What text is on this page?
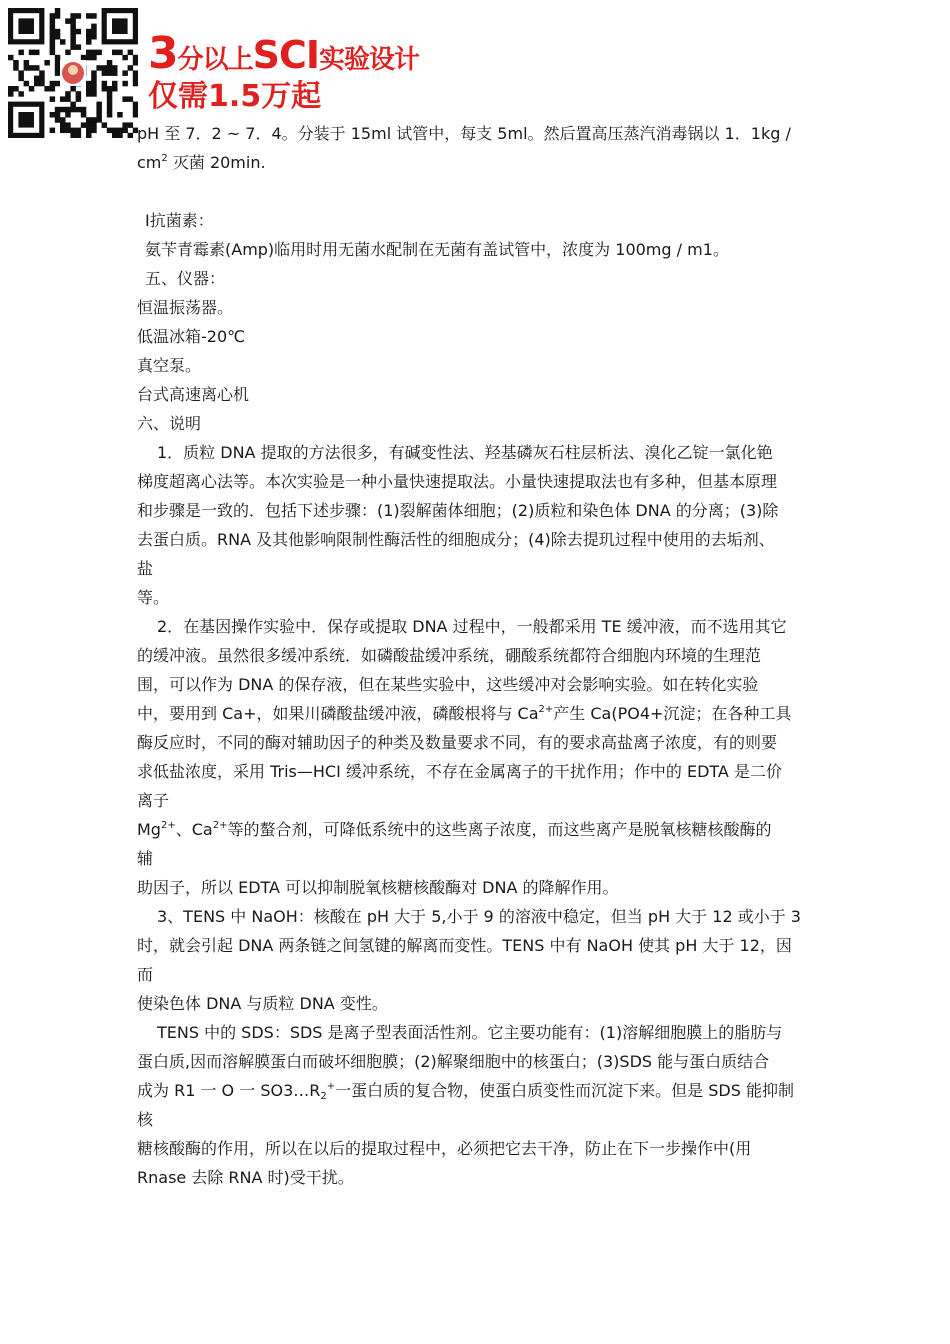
3分以上SCI实验设计
仅需1.5万起

pH 至 7．2 ~ 7．4。分装于 15ml 试管中，每支 5ml。然后置高压蒸汽消毒锅以 1．1kg /

$cm^2$ 灭菌 20min.

Ⅰ抗菌素：

氨苄青霉素(Amp)临用时用无菌水配制在无菌有盖试管中，浓度为 100mg / m1。

五、仪器：

恒温振荡器。

低温冰箱-20℃

真空泵。

台式高速离心机

六、说明

1．质粒 DNA 提取的方法很多，有碱变性法、羟基磷灰石柱层析法、溴化乙锭一氯化铯

梯度超离心法等。本次实验是一种小量快速提取法。小量快速提取法也有多种，但基本原理

和步骤是一致的．包括下述步骤：(1)裂解菌体细胞；(2)质粒和染色体 DNA 的分离；(3)除

去蛋白质。RNA 及其他影响限制性酶活性的细胞成分；(4)除去提玑过程中使用的去垢剂、

盐

等。

2．在基因操作实验中．保存或提取 DNA 过程中，一般都采用 TE 缓冲液，而不选用其它

的缓冲液。虽然很多缓冲系统．如磷酸盐缓冲系统，硼酸系统都符合细胞内环境的生理范

围，可以作为 DNA 的保存液，但在某些实验中，这些缓冲对会影响实验。如在转化实验

中，要用到 Ca+，如果川磷酸盐缓冲液，磷酸根将与 $Ca^{2+}$产生 Ca(PO4+沉淀；在各种工具

酶反应时，不同的酶对辅助因子的种类及数量要求不同，有的要求高盐离子浓度，有的则要

求低盐浓度，采用 Tris—HCI 缓冲系统，不存在金属离子的干扰作用；作中的 EDTA 是二价

离子

$Mg^{2+}$、$Ca^{2+}$等的螯合剂，可降低系统中的这些离子浓度，而这些离产是脱氧核糖核酸酶的

辅

助因子，所以 EDTA 可以抑制脱氧核糖核酸酶对 DNA 的降解作用。

3、TENS 中 NaOH：核酸在 pH 大于 5,小于 9 的溶液中稳定，但当 pH 大于 12 或小于 3

时，就会引起 DNA 两条链之间氢键的解离而变性。TENS 中有 NaOH 使其 pH 大于 12，因

而

使染色体 DNA 与质粒 DNA 变性。

TENS 中的 SDS：SDS 是离子型表面活性剂。它主要功能有：(1)溶解细胞膜上的脂肪与

蛋白质,因而溶解膜蛋白而破坏细胞膜；(2)解聚细胞中的核蛋白；(3)SDS 能与蛋白质结合

成为 R1 一 O 一 $SO3\dots R_2^+$一蛋白质的复合物，使蛋白质变性而沉淀下来。但是 SDS 能抑制

核

糖核酸酶的作用，所以在以后的提取过程中，必须把它去干净，防止在下一步操作中(用

Rnase 去除 RNA 时)受干扰。
